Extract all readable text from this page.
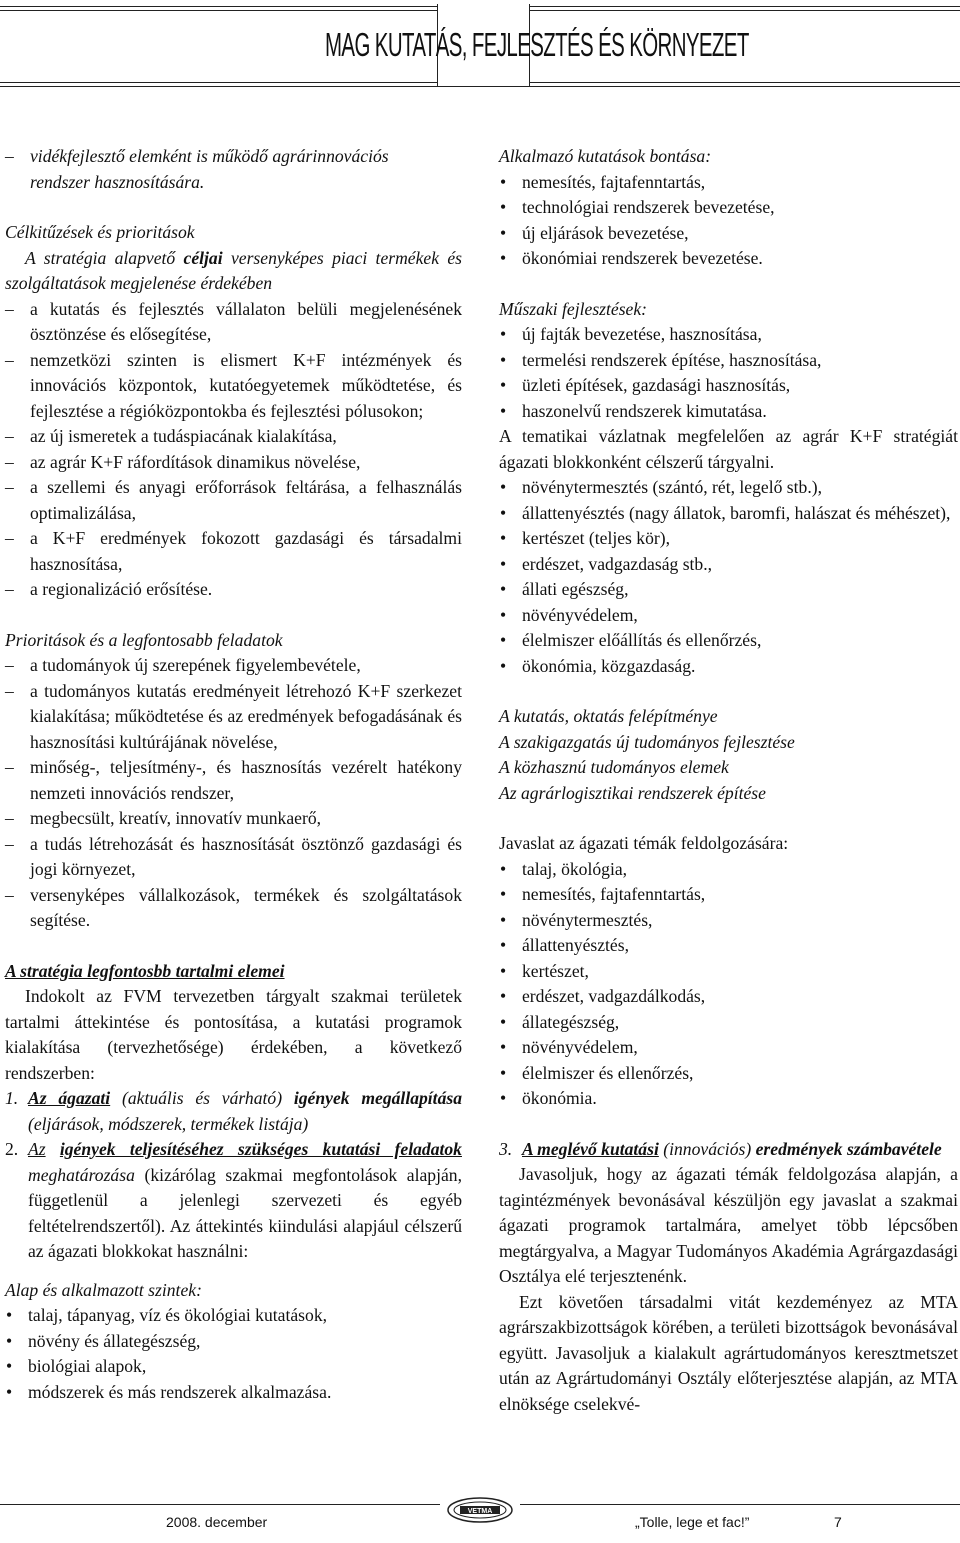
MAG KUTATÁS, FEJLESZTÉS ÉS KÖRNYEZET
– vidékfejlesztő elemként is működő agrárinnovációs
rendszer hasznosítására.
Célkitűzések és prioritások
A stratégia alapvető céljai versenyképes piaci termékek és szolgáltatások megjelenése érdekében
– a kutatás és fejlesztés vállalaton belüli megjelenésének ösztönzése és elősegítése,
– nemzetközi szinten is elismert K+F intézmények és innovációs központok, kutatóegyetemek működtetése, és fejlesztése a régióközpontokba és fejlesztési pólusokon;
– az új ismeretek a tudáspiacának kialakítása,
– az agrár K+F ráfordítások dinamikus növelése,
– a szellemi és anyagi erőforrások feltárása, a felhasználás optimalizálása,
– a K+F eredmények fokozott gazdasági és társadalmi hasznosítása,
– a regionalizáció erősítése.
Prioritások és a legfontosabb feladatok
– a tudományok új szerepének figyelembevétele,
– a tudományos kutatás eredményeit létrehozó K+F szerkezet kialakítása; működtetése és az eredmények befogadásának és hasznosítási kultúrájának növelése,
– minőség-, teljesítmény-, és hasznosítás vezérelt hatékony nemzeti innovációs rendszer,
– megbecsült, kreatív, innovatív munkaerő,
– a tudás létrehozását és hasznosítását ösztönző gazdasági és jogi környezet,
– versenyképes vállalkozások, termékek és szolgáltatások segítése.
A stratégia legfontosbb tartalmi elemei
Indokolt az FVM tervezetben tárgyalt szakmai területek tartalmi áttekintése és pontosítása, a kutatási programok kialakítása (tervezhetősége) érdekében, a következő rendszerben:
1. Az ágazati (aktuális és várható) igények megállapítása (eljárások, módszerek, termékek listája)
2. Az igények teljesítéséhez szükséges kutatási feladatok meghatározása (kizárólag szakmai megfontolások alapján, függetlenül a jelenlegi szervezeti és egyéb feltételrendszertől). Az áttekintés kiindulási alapjául célszerű az ágazati blokkokat használni:
Alap és alkalmazott szintek:
• talaj, tápanyag, víz és ökológiai kutatások,
• növény és állategészség,
• biológiai alapok,
• módszerek és más rendszerek alkalmazása.
Alkalmazó kutatások bontása:
• nemesítés, fajtafenntartás,
• technológiai rendszerek bevezetése,
• új eljárások bevezetése,
• ökonómiai rendszerek bevezetése.
Műszaki fejlesztések:
• új fajták bevezetése, hasznosítása,
• termelési rendszerek építése, hasznosítása,
• üzleti építések, gazdasági hasznosítás,
• haszonelvű rendszerek kimutatása.
A tematikai vázlatnak megfelelően az agrár K+F stratégiát ágazati blokkonként célszerű tárgyalni.
• növénytermesztés (szántó, rét, legelő stb.),
• állattenyésztés (nagy állatok, baromfi, halászat és méhészet),
• kertészet (teljes kör),
• erdészet, vadgazdaság stb.,
• állati egészség,
• növényvédelem,
• élelmiszer előállítás és ellenőrzés,
• ökonómia, közgazdaság.
A kutatás, oktatás felépítménye
A szakigazgatás új tudományos fejlesztése
A közhasznú tudományos elemek
Az agrárlogisztikai rendszerek építése
Javaslat az ágazati témák feldolgozására:
• talaj, ökológia,
• nemesítés, fajtafenntartás,
• növénytermesztés,
• állattenyésztés,
• kertészet,
• erdészet, vadgazdálkodás,
• állategészség,
• növényvédelem,
• élelmiszer és ellenőrzés,
• ökonómia.
3. A meglévő kutatási (innovációs) eredmények számbavétele
Javasoljuk, hogy az ágazati témák feldolgozása alapján, a tagintézmények bevonásával készüljön egy javaslat a szakmai ágazati programok tartalmára, amelyet több lépcsőben megtárgyalva, a Magyar Tudományos Akadémia Agrárgazdasági Osztálya elé terjesztenénk.
Ezt követően társadalmi vitát kezdeményez az MTA agrárszakbizottságok körében, a területi bizottságok bevonásával együtt. Javasoljuk a kialakult agrártudományos keresztmetszet után az Agrártudományi Osztály előterjesztése alapján, az MTA elnöksége cselekvé-
VETMA
2008. december	„Tolle, lege et fac!”	7
